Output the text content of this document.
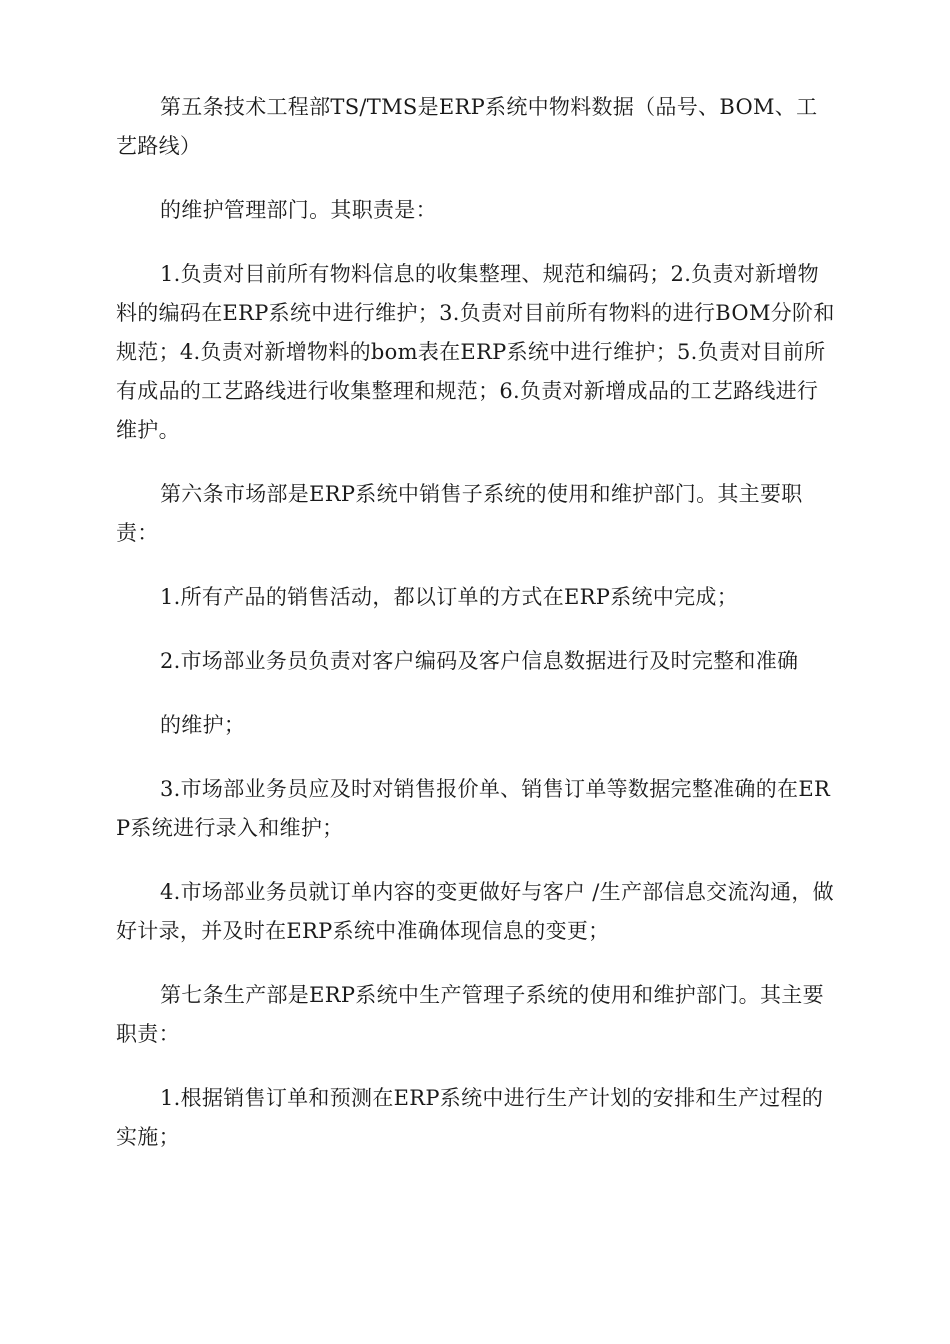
第五条技术工程部TS/TMS是ERP系统中物料数据（品号、BOM、工艺路线）

的维护管理部门。其职责是：

1.负责对目前所有物料信息的收集整理、规范和编码；2.负责对新增物料的编码在ERP系统中进行维护；3.负责对目前所有物料的进行BOM分阶和规范；4.负责对新增物料的bom表在ERP系统中进行维护；5.负责对目前所有成品的工艺路线进行收集整理和规范；6.负责对新增成品的工艺路线进行维护。

第六条市场部是ERP系统中销售子系统的使用和维护部门。其主要职责：

1.所有产品的销售活动，都以订单的方式在ERP系统中完成；

2.市场部业务员负责对客户编码及客户信息数据进行及时完整和准确

的维护；

3.市场部业务员应及时对销售报价单、销售订单等数据完整准确的在ERP系统进行录入和维护；

4.市场部业务员就订单内容的变更做好与客户 /生产部信息交流沟通，做好计录，并及时在ERP系统中准确体现信息的变更；

第七条生产部是ERP系统中生产管理子系统的使用和维护部门。其主要职责：

1.根据销售订单和预测在ERP系统中进行生产计划的安排和生产过程的实施；
